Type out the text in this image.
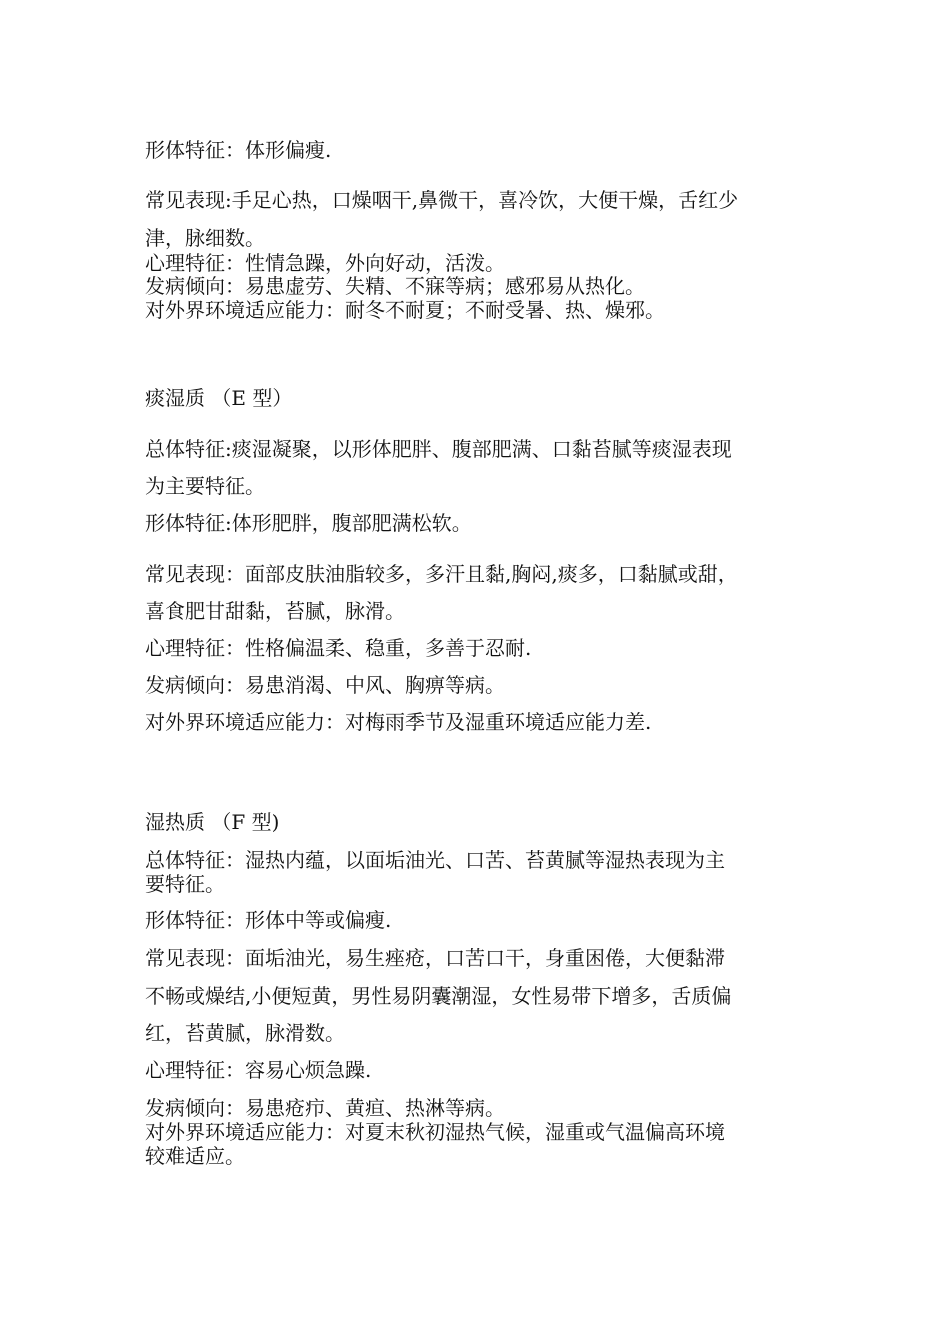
形体特征：体形偏瘦.

常见表现:手足心热，口燥咽干,鼻微干，喜冷饮，大便干燥，舌红少

津，脉细数。

心理特征：性情急躁，外向好动，活泼。

发病倾向：易患虚劳、失精、不寐等病；感邪易从热化。

对外界环境适应能力：耐冬不耐夏；不耐受暑、热、燥邪。

痰湿质 （E 型）

总体特征:痰湿凝聚，以形体肥胖、腹部肥满、口黏苔腻等痰湿表现

为主要特征。

形体特征:体形肥胖，腹部肥满松软。

常见表现：面部皮肤油脂较多，多汗且黏,胸闷,痰多，口黏腻或甜，

喜食肥甘甜黏，苔腻，脉滑。

心理特征：性格偏温柔、稳重，多善于忍耐.

发病倾向：易患消渴、中风、胸痹等病。

对外界环境适应能力：对梅雨季节及湿重环境适应能力差.

湿热质 （F 型)

总体特征：湿热内蕴，以面垢油光、口苦、苔黄腻等湿热表现为主

要特征。

形体特征：形体中等或偏瘦.

常见表现：面垢油光，易生痤疮，口苦口干，身重困倦，大便黏滞

不畅或燥结,小便短黄，男性易阴囊潮湿，女性易带下增多，舌质偏

红，苔黄腻，脉滑数。

心理特征：容易心烦急躁.

发病倾向：易患疮疖、黄疸、热淋等病。

对外界环境适应能力：对夏末秋初湿热气候，湿重或气温偏高环境

较难适应。
